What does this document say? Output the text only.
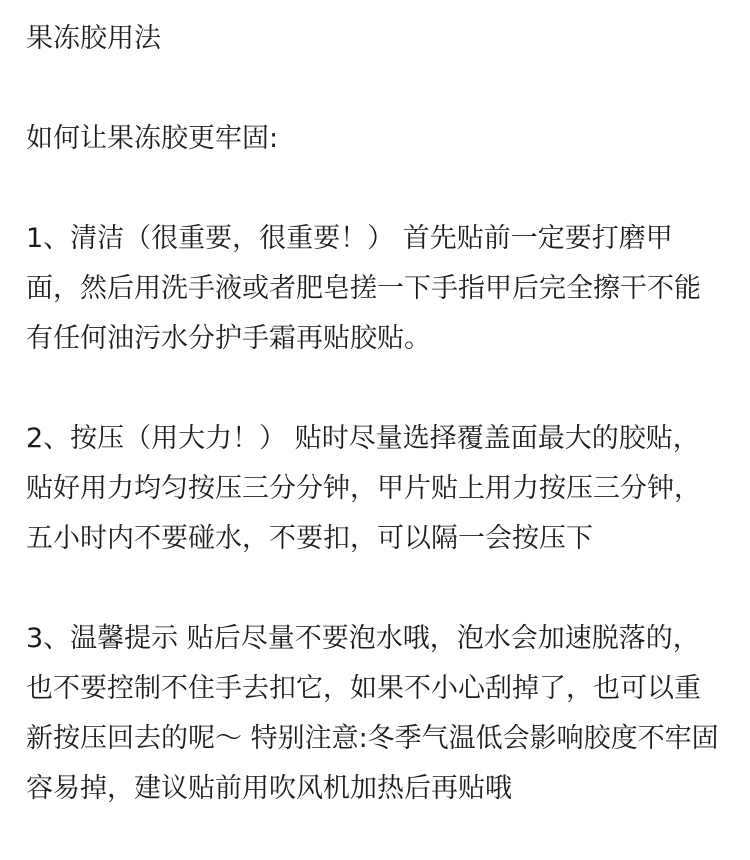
果冻胶用法

如何让果冻胶更牢固:

1、清洁（很重要，很重要！） 首先贴前一定要打磨甲面，然后用洗手液或者肥皂搓一下手指甲后完全擦干不能有任何油污水分护手霜再贴胶贴。

2、按压（用大力！） 贴时尽量选择覆盖面最大的胶贴，贴好用力均匀按压三分分钟，甲片贴上用力按压三分钟，五小时内不要碰水，不要扣，可以隔一会按压下

3、温馨提示 贴后尽量不要泡水哦，泡水会加速脱落的，也不要控制不住手去扣它，如果不小心刮掉了，也可以重新按压回去的呢〜 特别注意:冬季气温低会影响胶度不牢固容易掉，建议贴前用吹风机加热后再贴哦
